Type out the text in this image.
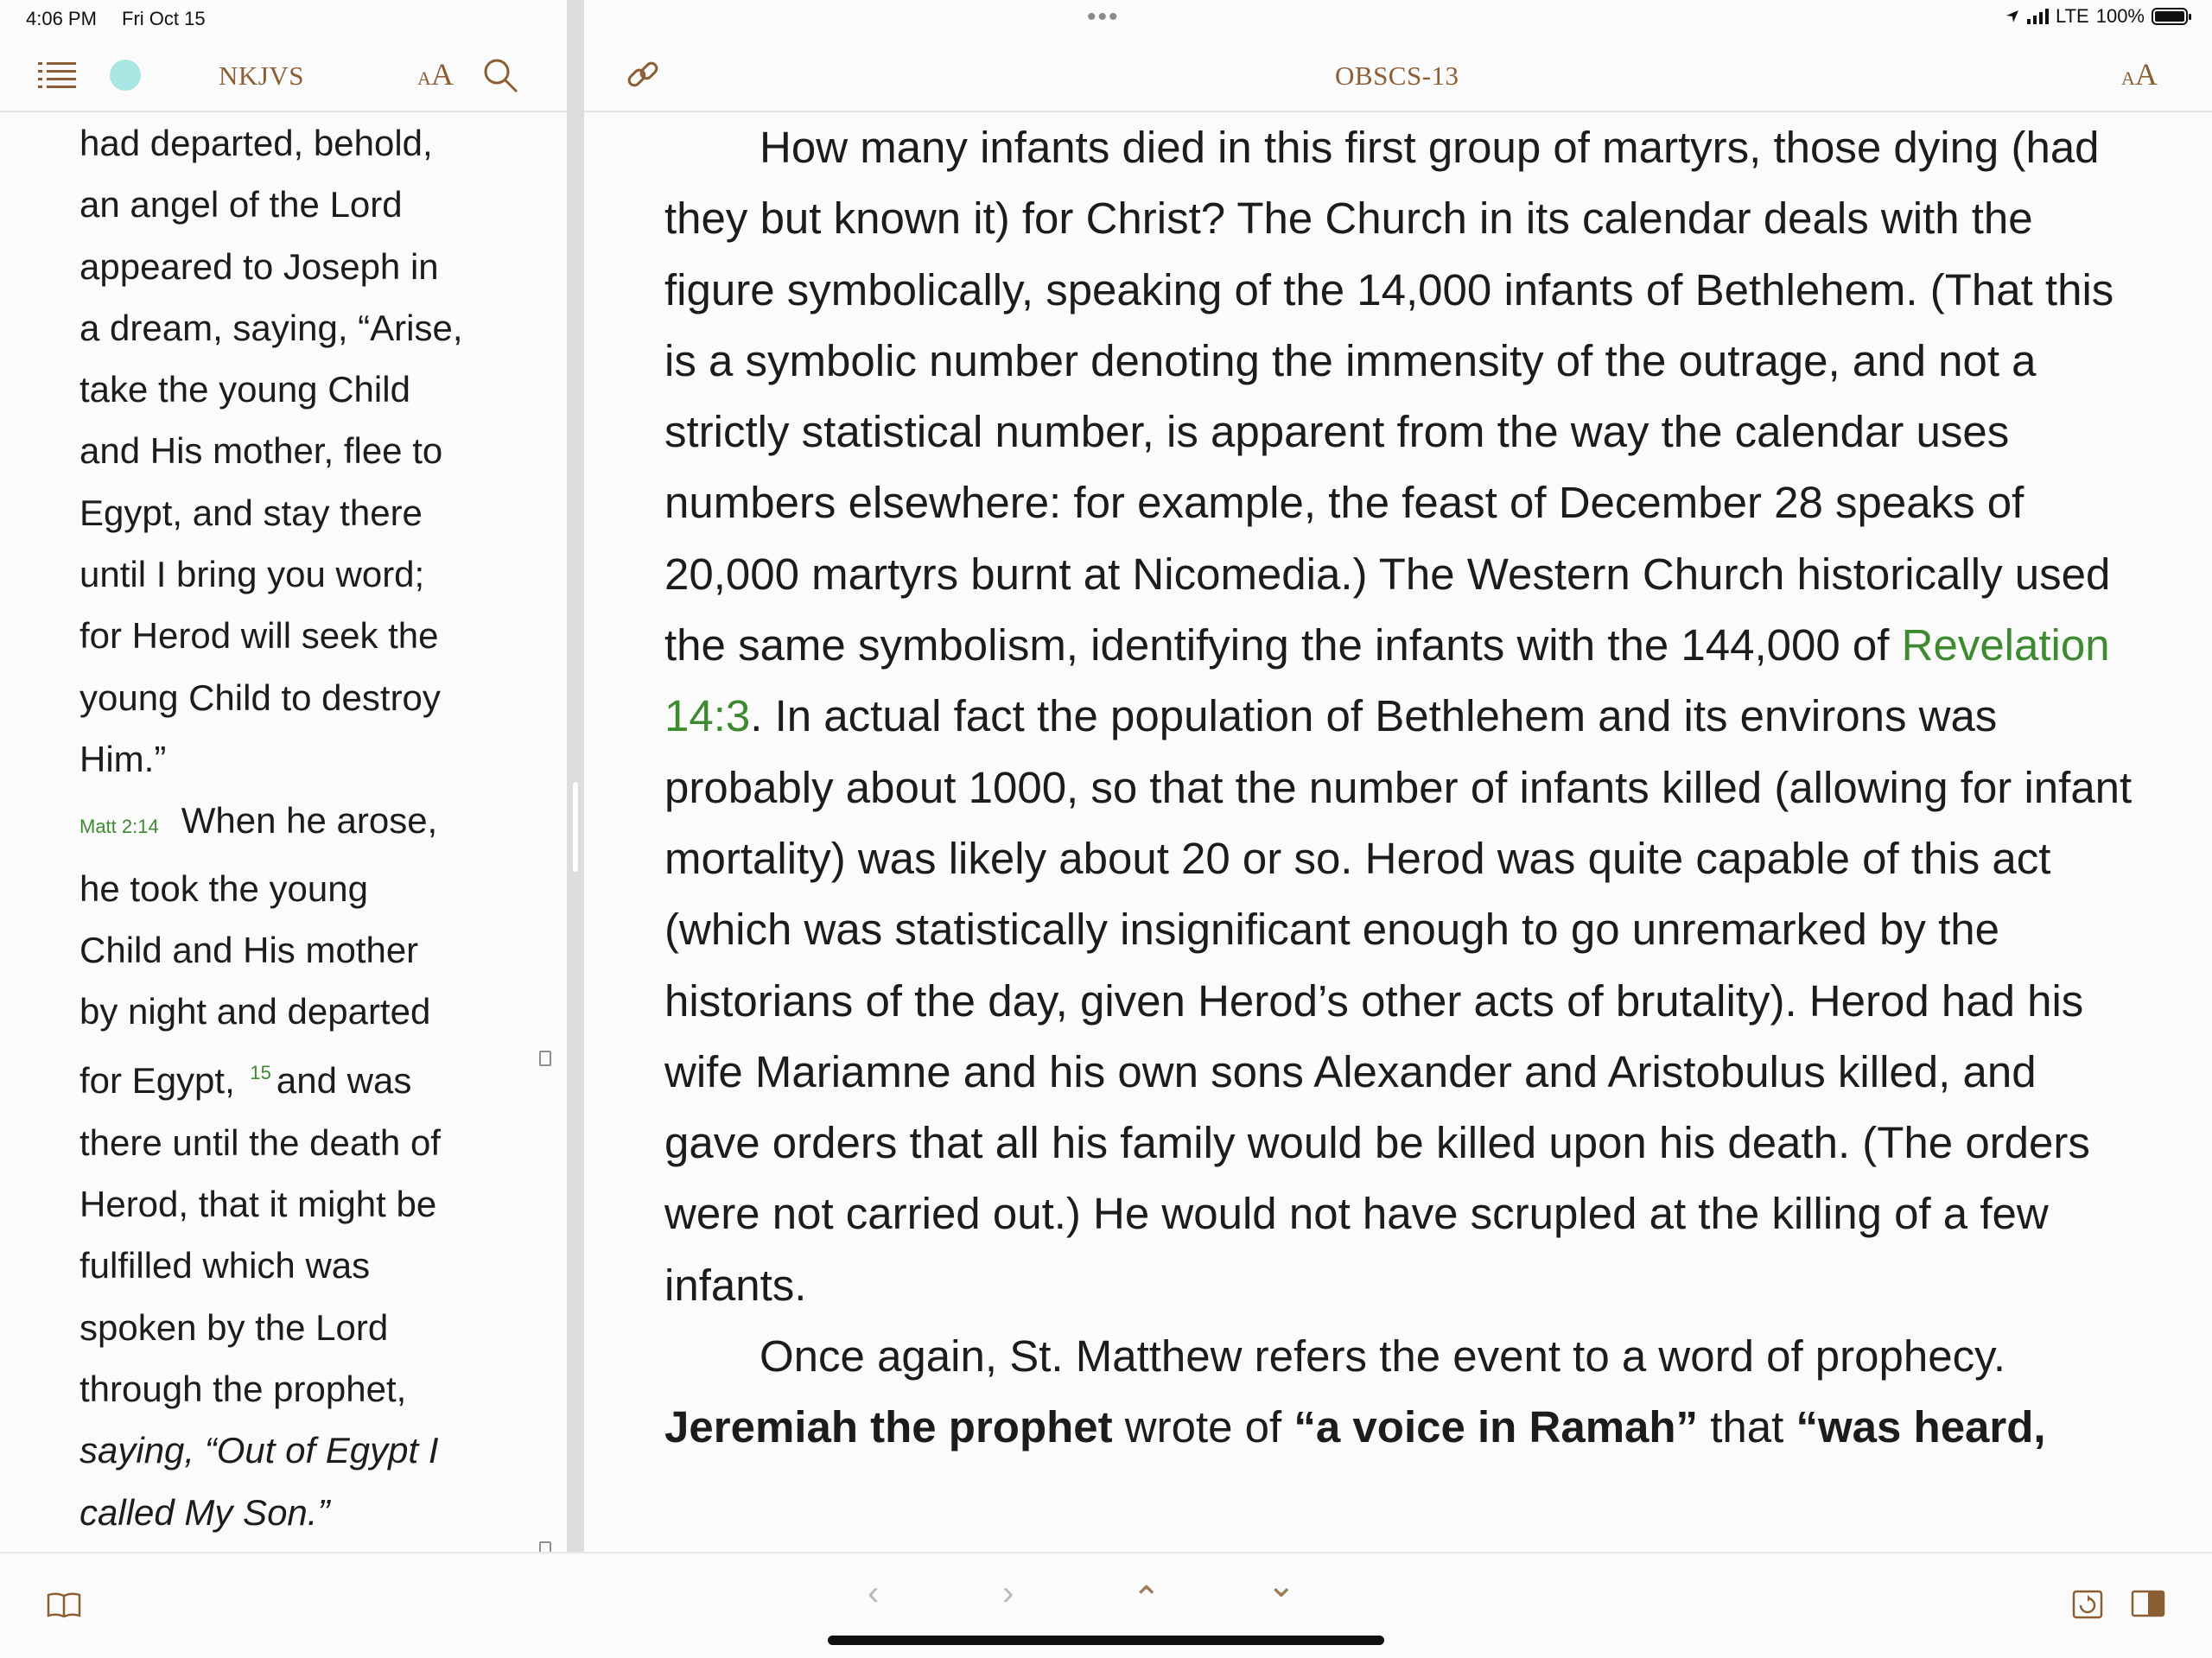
4:06 PM Fri Oct 15	•••	LTE 100%
NKJVS	AA

had departed, behold,
an angel of the Lord
appeared to Joseph in
a dream, saying, “Arise,
take the young Child
and His mother, flee to
Egypt, and stay there
until I bring you word;
for Herod will seek the
young Child to destroy
Him.”

Matt 2:14 When he arose,
he took the young
Child and His mother
by night and departed
for Egypt, $^{15}$ and was
there until the death of
Herod, that it might be
fulfilled which was
spoken by the Lord
through the prophet,
saying, “Out of Egypt I
called My Son.”

OBSCS-13	AA

How many infants died in this first group of martyrs, those dying (had they but known it) for Christ? The Church in its calendar deals with the figure symbolically, speaking of the 14,000 infants of Bethlehem. (That this is a symbolic number denoting the immensity of the outrage, and not a strictly statistical number, is apparent from the way the calendar uses numbers elsewhere: for example, the feast of December 28 speaks of 20,000 martyrs burnt at Nicomedia.) The Western Church historically used the same symbolism, identifying the infants with the 144,000 of Revelation 14:3. In actual fact the population of Bethlehem and its environs was probably about 1000, so that the number of infants killed (allowing for infant mortality) was likely about 20 or so. Herod was quite capable of this act (which was statistically insignificant enough to go unremarked by the historians of the day, given Herod’s other acts of brutality). Herod had his wife Mariamne and his own sons Alexander and Aristobulus killed, and gave orders that all his family would be killed upon his death. (The orders were not carried out.) He would not have scrupled at the killing of a few infants.

Once again, St. Matthew refers the event to a word of prophecy. Jeremiah the prophet wrote of “a voice in Ramah” that “was heard,

‹	›	⌃	⌄
